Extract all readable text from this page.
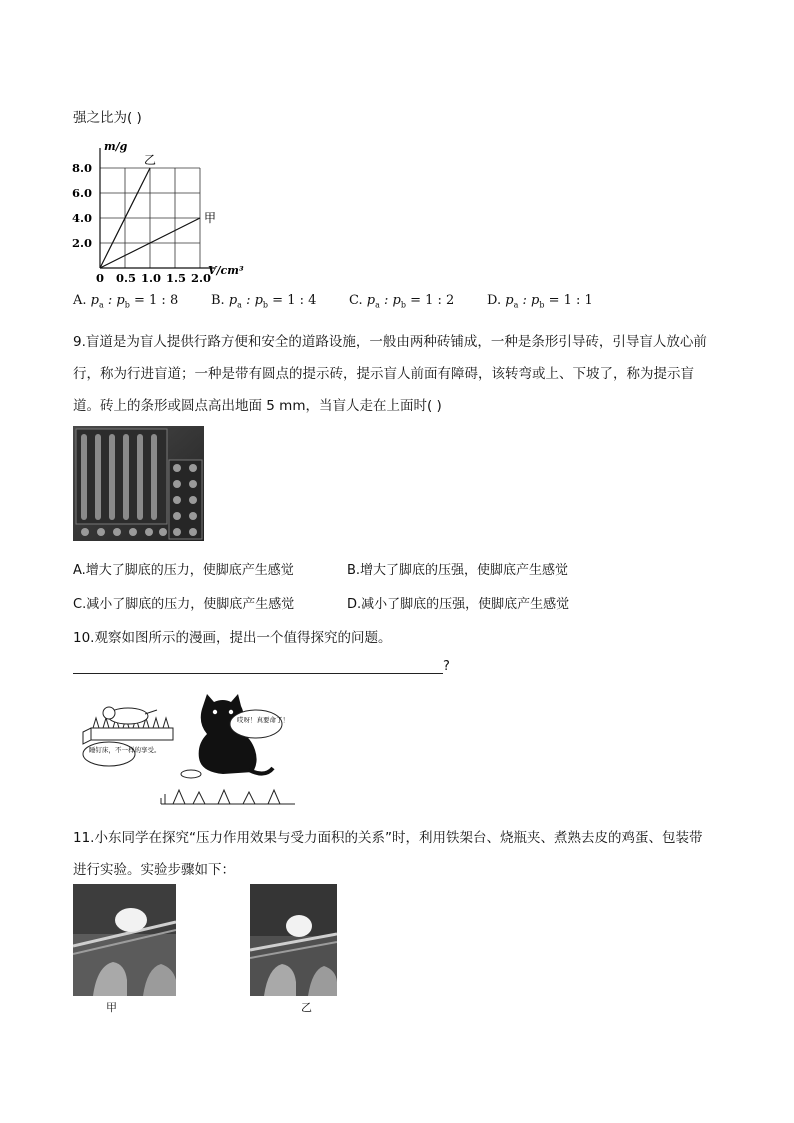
强之比为( )
乙
甲
0 0.5 1.0 1.5 2.0
2.0
4.0
6.0
8.0
V/cm³
m/g
A. $p_a$ : $p_b = 1$ : 8	B. $p_a$ : $p_b = 1$ : 4	C. $p_a$ : $p_b = 1$ : 2	D. $p_a$ : $p_b = 1$ : 1
9.盲道是为盲人提供行路方便和安全的道路设施，一般由两种砖铺成，一种是条形引导砖，引导盲人放心前
行，称为行进盲道；一种是带有圆点的提示砖，提示盲人前面有障碍，该转弯或上、下坡了，称为提示盲
道。砖上的条形或圆点高出地面 5 mm，当盲人走在上面时( )
A.增大了脚底的压力，使脚底产生感觉	B.增大了脚底的压强，使脚底产生感觉
C.减小了脚底的压力，使脚底产生感觉	D.减小了脚底的压强，使脚底产生感觉
10.观察如图所示的漫画，提出一个值得探究的问题。
?
睡钉床，不一样的享受。
哎呀！真要命了！
11.小东同学在探究“压力作用效果与受力面积的关系”时，利用铁架台、烧瓶夹、煮熟去皮的鸡蛋、包装带
进行实验。实验步骤如下：
甲	乙
